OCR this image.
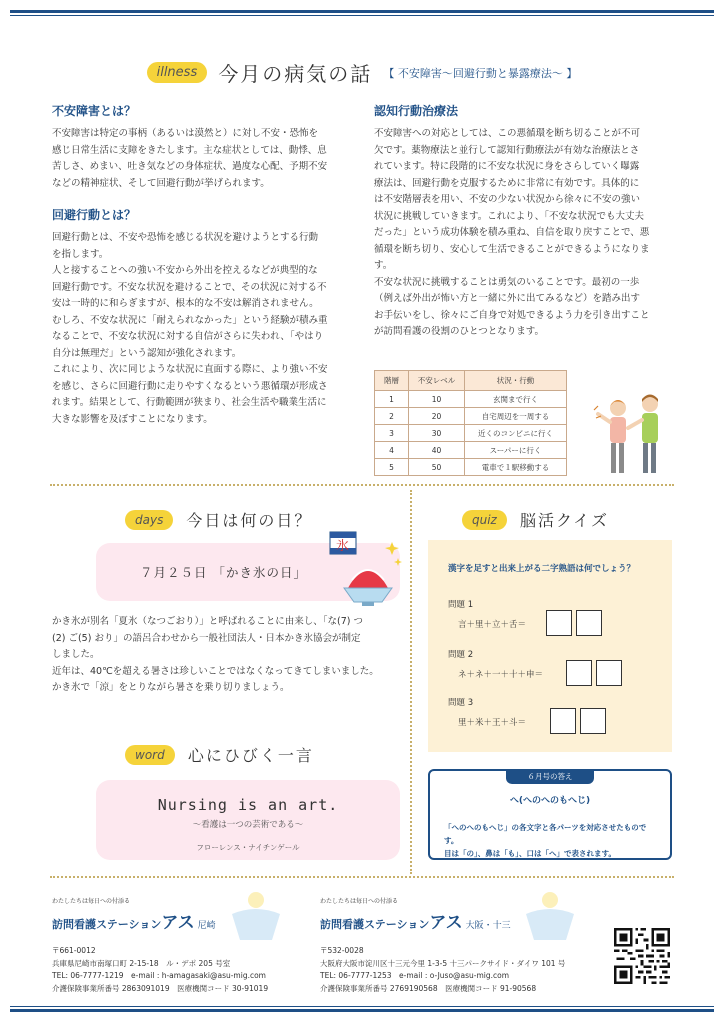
illness 今月の病気の話 【 不安障害～回避行動と暴露療法～ 】
不安障害とは？
不安障害は特定の事柄（あるいは漠然と）に対し不安・恐怖を
感じ日常生活に支障をきたします。主な症状としては、動悸、息
苦しさ、めまい、吐き気などの身体症状、過度な心配、予期不安
などの精神症状、そして回避行動が挙げられます。
回避行動とは？
回避行動とは、不安や恐怖を感じる状況を避けようとする行動
を指します。
人と接することへの強い不安から外出を控えるなどが典型的な
回避行動です。不安な状況を避けることで、その状況に対する不
安は一時的に和らぎますが、根本的な不安は解消されません。
むしろ、不安な状況に「耐えられなかった」という経験が積み重
なることで、不安な状況に対する自信がさらに失われ、「やはり
自分は無理だ」という認知が強化されます。
これにより、次に同じような状況に直面する際に、より強い不安
を感じ、さらに回避行動に走りやすくなるという悪循環が形成さ
れます。結果として、行動範囲が狭まり、社会生活や職業生活に
大きな影響を及ぼすことになります。
認知行動治療法
不安障害への対応としては、この悪循環を断ち切ることが不可
欠です。薬物療法と並行して認知行動療法が有効な治療法とさ
れています。特に段階的に不安な状況に身をさらしていく曝露
療法は、回避行動を克服するために非常に有効です。具体的に
は不安階層表を用い、不安の少ない状況から徐々に不安の強い
状況に挑戦していきます。これにより、「不安な状況でも大丈夫
だった」という成功体験を積み重ね、自信を取り戻すことで、悪
循環を断ち切り、安心して生活できることができるようになりま
す。
不安な状況に挑戦することは勇気のいることです。最初の一歩
（例えば外出が怖い方と一緒に外に出てみるなど）を踏み出す
お手伝いをし、徐々にご自身で対処できるよう力を引き出すこと
が訪問看護の役割のひとつとなります。
階層	不安レベル	状況・行動
1	10	玄関まで行く
2	20	自宅周辺を一周する
3	30	近くのコンビニに行く
4	40	スーパーに行く
5	50	電車で１駅移動する
days 今日は何の日？
７月２５日 「かき氷の日」
氷
かき氷が別名「夏氷（なつごおり）」と呼ばれることに由来し、「な(7) つ
(2) ご(5) おり」の語呂合わせから一般社団法人・日本かき氷協会が制定
しました。
近年は、40℃を超える暑さは珍しいことではなくなってきてしまいました。
かき氷で「涼」をとりながら暑さを乗り切りましょう。
word 心にひびく一言
Nursing is an art.
～看護は一つの芸術である～
フローレンス・ナイチンゲール
quiz 脳活クイズ
漢字を足すと出来上がる二字熟語は何でしょう？
問題 1
言＋里＋立＋舌＝
問題 2
ネ＋ネ＋一＋十＋申＝
問題 3
里＋米＋王＋斗＝
６月号の答え
へ(へのへのもへじ)
「へのへのもへじ」の各文字と各パーツを対応させたものです。
目は「の」、鼻は「も」、口は「へ」で表されます。
わたしたちは毎日への付添る
訪問看護ステーションアス 尼崎
〒661-0012
兵庫県尼崎市南塚口町 2-15-18　ル・デポ 205 号室
TEL: 06-7777-1219　e-mail : h-amagasaki@asu-mig.com
介護保険事業所番号 2863091019　医療機関コード 30-91019
わたしたちは毎日への付添る
訪問看護ステーションアス 大阪・十三
〒532-0028
大阪府大阪市淀川区十三元今里 1-3-5 十三パークサイド・ダイワ 101 号
TEL: 06-7777-1253　e-mail : o-Juso@asu-mig.com
介護保険事業所番号 2769190568　医療機関コード 91-90568
